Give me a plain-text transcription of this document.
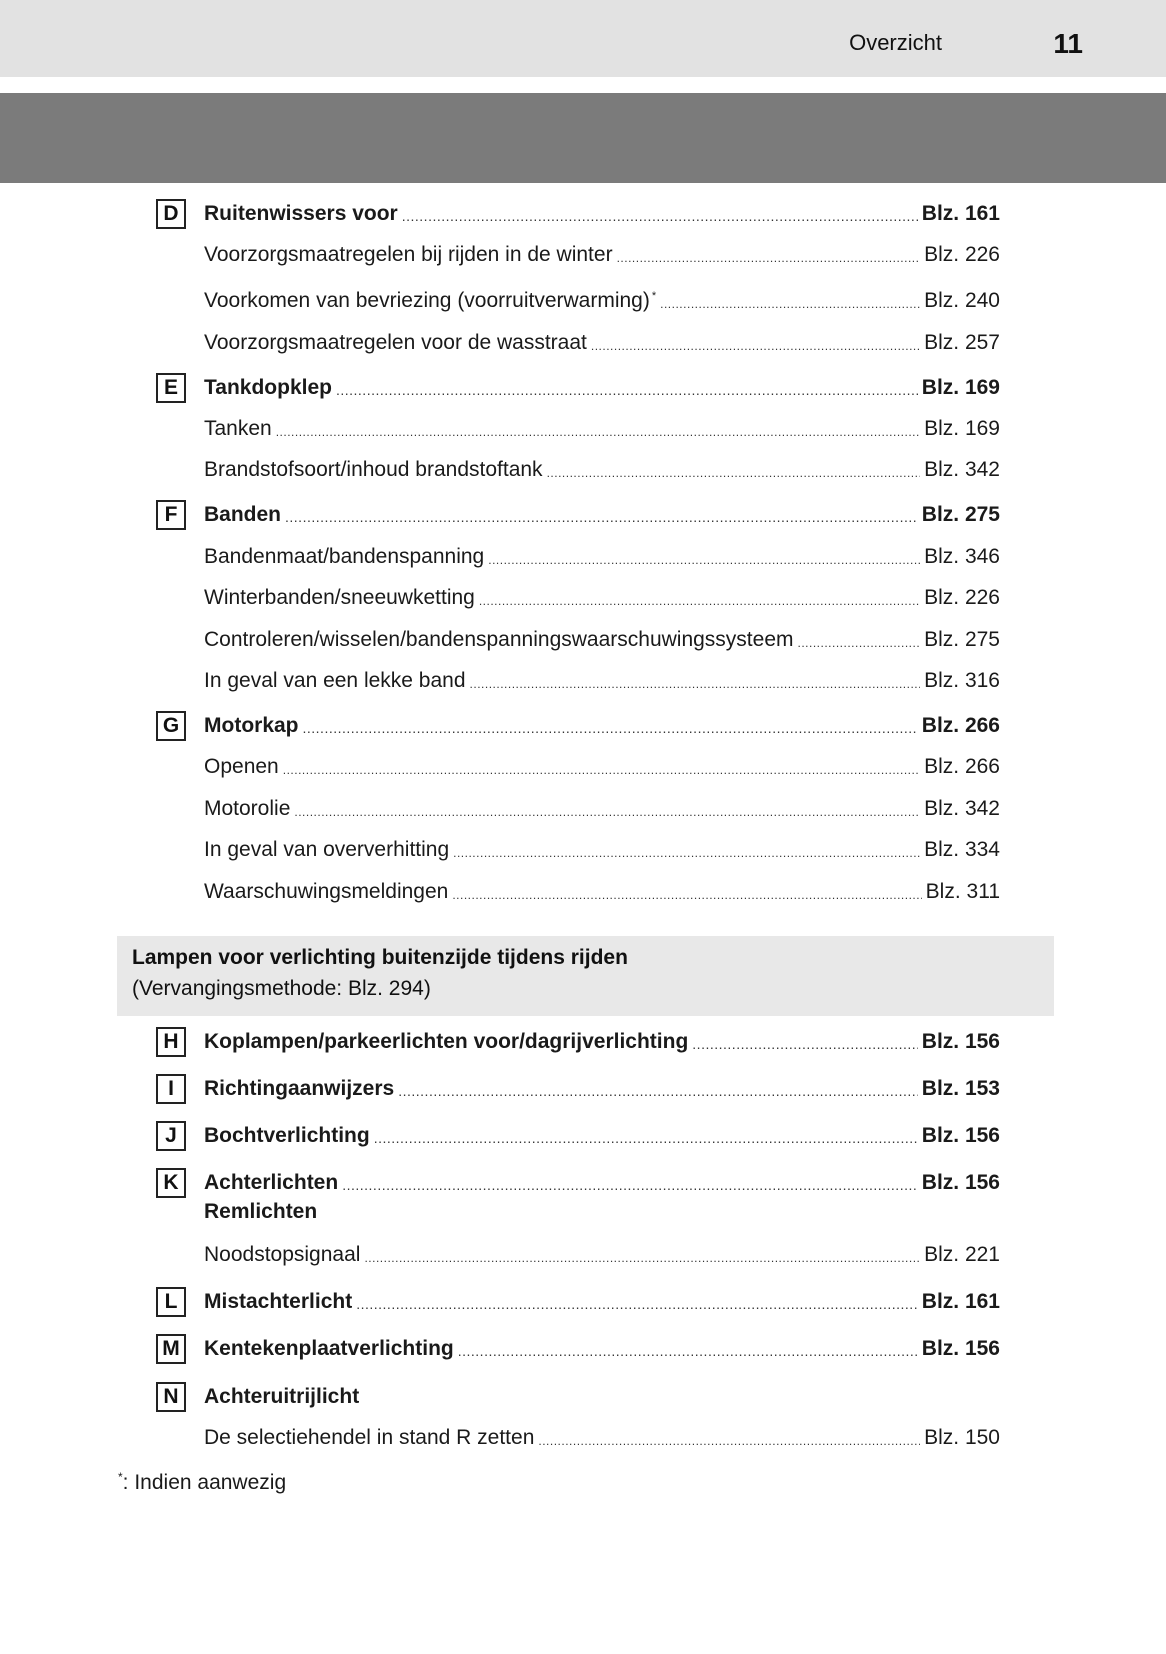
Overzicht	11
D	Ruitenwissers voor .....	Blz. 161
Voorzorgsmaatregelen bij rijden in de winter .....	Blz. 226
Voorkomen van bevriezing (voorruitverwarming) * .....	Blz. 240
Voorzorgsmaatregelen voor de wasstraat .....	Blz. 257
E	Tankdopklep .....	Blz. 169
Tanken .....	Blz. 169
Brandstofsoort/inhoud brandstoftank .....	Blz. 342
F	Banden .....	Blz. 275
Bandenmaat/bandenspanning .....	Blz. 346
Winterbanden/sneeuwketting .....	Blz. 226
Controleren/wisselen/bandenspanningswaarschuwingssysteem .....	Blz. 275
In geval van een lekke band .....	Blz. 316
G	Motorkap .....	Blz. 266
Openen .....	Blz. 266
Motorolie .....	Blz. 342
In geval van oververhitting .....	Blz. 334
Waarschuwingsmeldingen .....	Blz. 311
Lampen voor verlichting buitenzijde tijdens rijden
(Vervangingsmethode: Blz. 294)
H	Koplampen/parkeerlichten voor/dagrijverlichting .....	Blz. 156
I	Richtingaanwijzers .....	Blz. 153
J	Bochtverlichting .....	Blz. 156
K	Achterlichten .....	Blz. 156
Remlichten
Noodstopsignaal .....	Blz. 221
L	Mistachterlicht .....	Blz. 161
M Kentekenplaatverlichting .....	Blz. 156
N	Achteruitrijlicht
De selectiehendel in stand R zetten .....	Blz. 150
*: Indien aanwezig
